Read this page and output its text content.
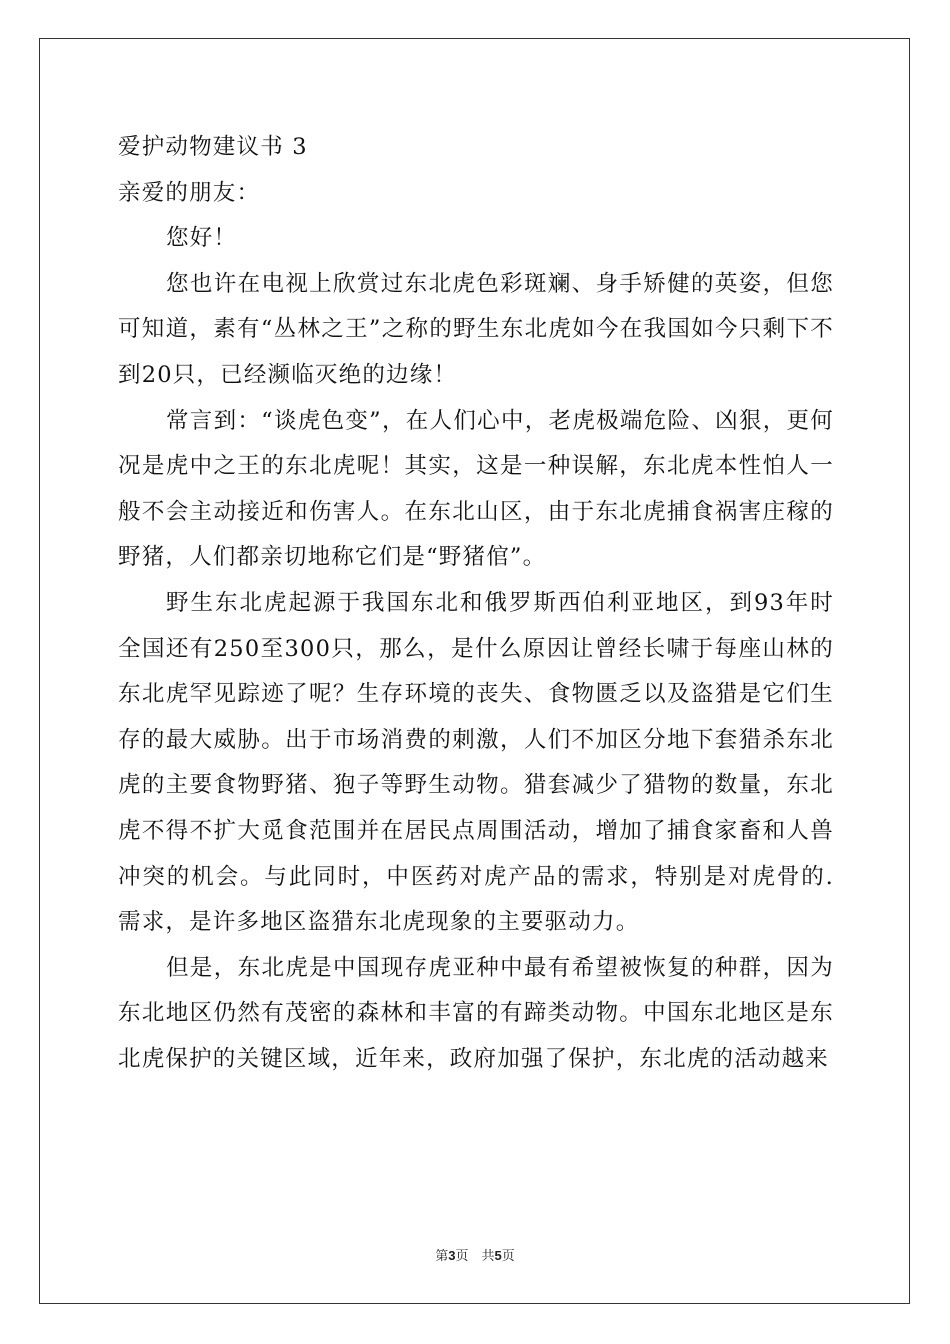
爱护动物建议书 3
亲爱的朋友：
您好！

您也许在电视上欣赏过东北虎色彩斑斓、身手矫健的英姿，但您可知道，素有“丛林之王”之称的野生东北虎如今在我国如今只剩下不到20只，已经濒临灭绝的边缘！

常言到：“谈虎色变”，在人们心中，老虎极端危险、凶狠，更何况是虎中之王的东北虎呢！其实，这是一种误解，东北虎本性怕人一般不会主动接近和伤害人。在东北山区，由于东北虎捕食祸害庄稼的野猪，人们都亲切地称它们是“野猪倌”。

野生东北虎起源于我国东北和俄罗斯西伯利亚地区，到93年时全国还有250至300只，那么，是什么原因让曾经长啸于每座山林的东北虎罕见踪迹了呢？生存环境的丧失、食物匮乏以及盗猎是它们生存的最大威胁。出于市场消费的刺激，人们不加区分地下套猎杀东北虎的主要食物野猪、狍子等野生动物。猎套减少了猎物的数量，东北虎不得不扩大觅食范围并在居民点周围活动，增加了捕食家畜和人兽冲突的机会。与此同时，中医药对虎产品的需求，特别是对虎骨的.需求，是许多地区盗猎东北虎现象的主要驱动力。

但是，东北虎是中国现存虎亚种中最有希望被恢复的种群，因为东北地区仍然有茂密的森林和丰富的有蹄类动物。中国东北地区是东北虎保护的关键区域，近年来，政府加强了保护，东北虎的活动越来

第3页　共5页
